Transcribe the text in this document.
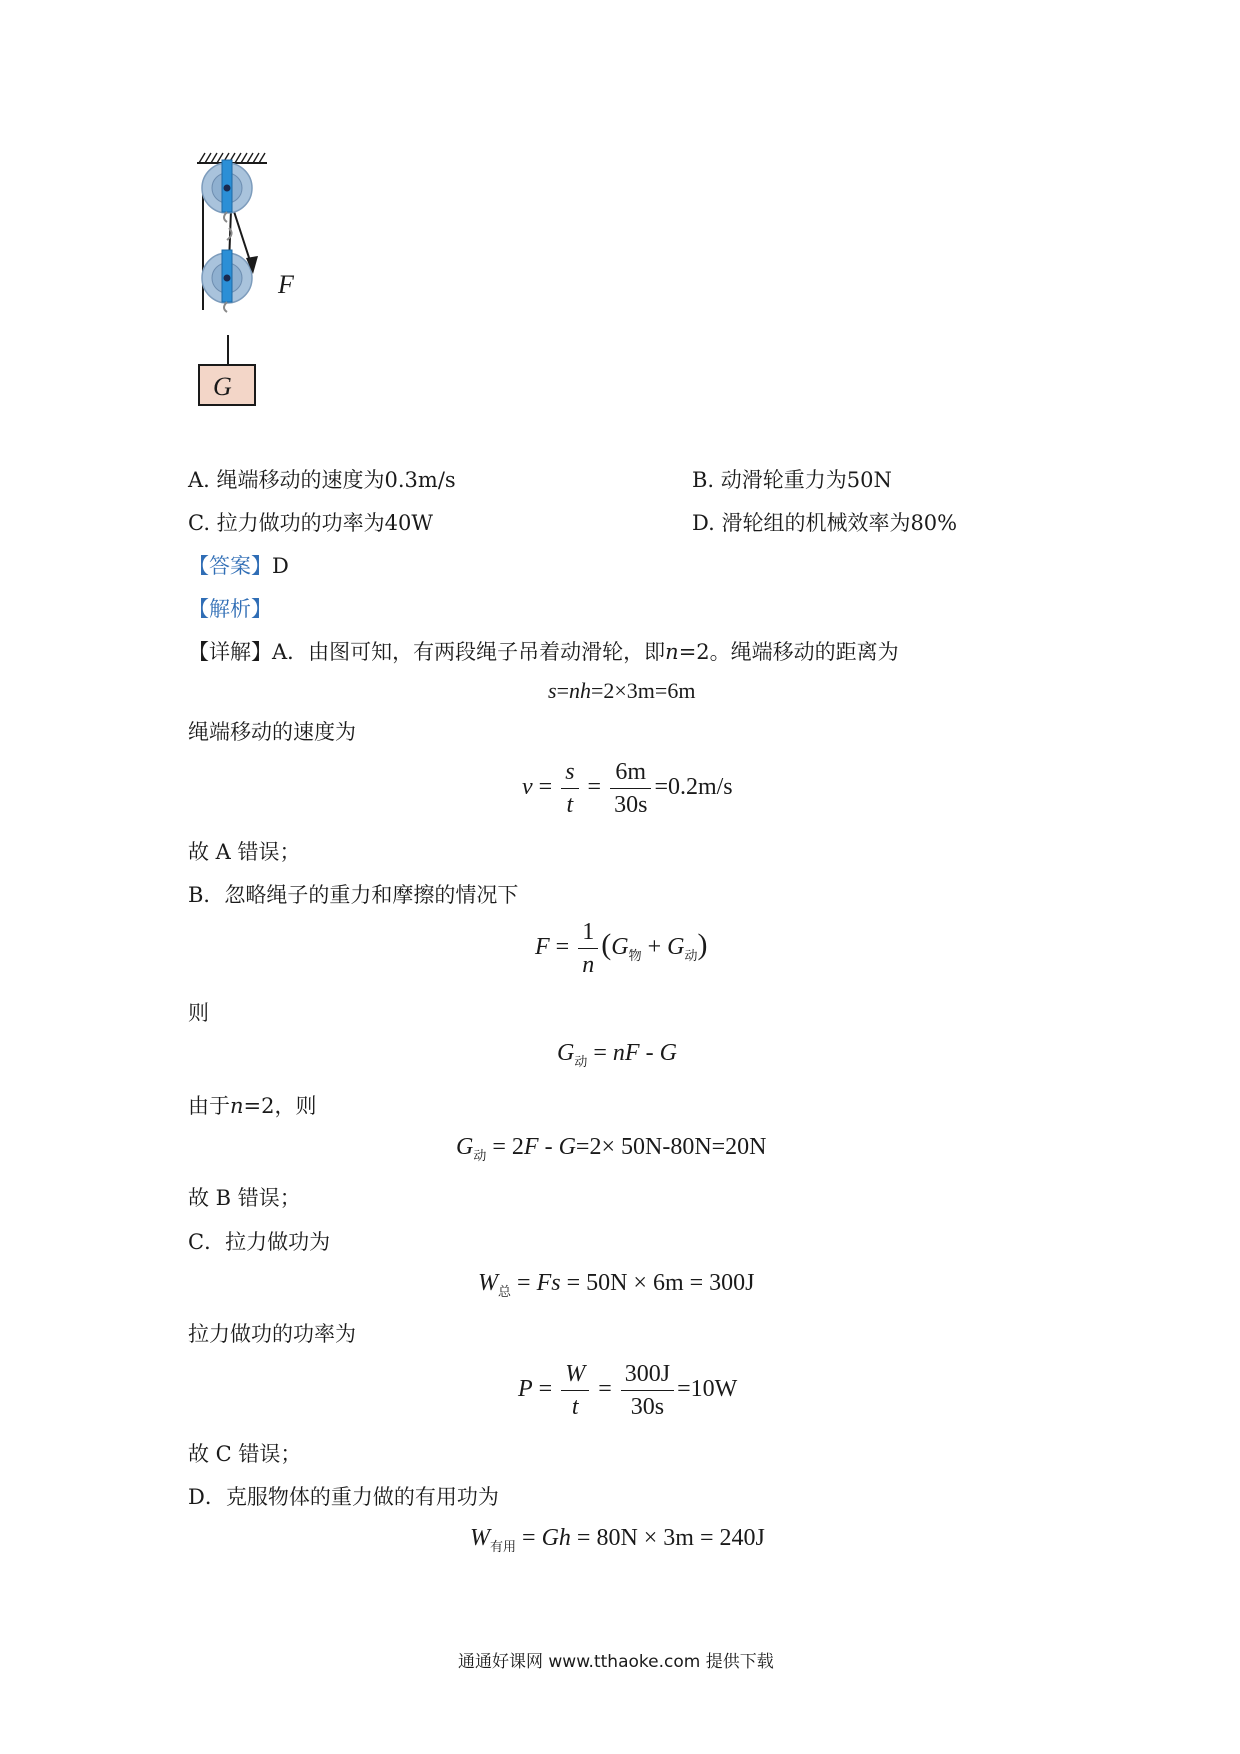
F
G
A. 绳端移动的速度为0.3m/s	B. 动滑轮重力为50N
C. 拉力做功的功率为40W	D. 滑轮组的机械效率为80%
【答案】D
【解析】
【详解】A．由图可知，有两段绳子吊着动滑轮，即n=2。绳端移动的距离为
s=nh=2×3m=6m
绳端移动的速度为
$v = \frac{s}{t} = \frac{6m}{30s} =0.2m/s$
故 A 错误；
B．忽略绳子的重力和摩擦的情况下
$F = \frac{1}{n} (G_物 + G_动)$
则
$G_动$ = nF - G
由于n=2，则
$G_动 = 2F - G=2\times 50N-80N=20N$
故 B 错误；
C．拉力做功为
$W_总 = Fs = 50N \times 6m = 300J$
拉力做功的功率为
$P = \frac{W}{t} = \frac{300J}{30s} =10W$
故 C 错误；
D．克服物体的重力做的有用功为
$W_{有用} = Gh = 80N \times 3m = 240J$
通通好课网 www.tthaoke.com 提供下载
